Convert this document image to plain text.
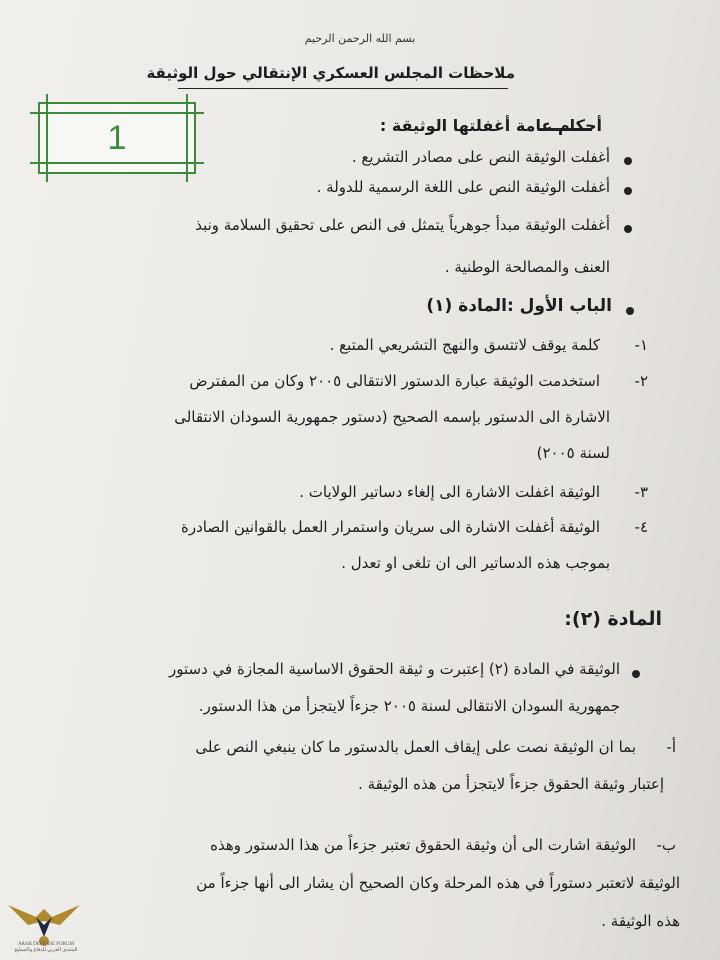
بسم الله الرحمن الرحيم
ملاحظات المجلس العسكري الإنتقالي حول الوثيقة
1	أحكام عامة أغفلتها الوثيقة :
أغفلت الوثيقة النص على مصادر التشريع .
أغفلت الوثيقة النص على اللغة الرسمية للدولة .
أغفلت الوثيقة مبدأ جوهرياً يتمثل فى النص على تحقيق السلامة ونبذ
العنف والمصالحة الوطنية .
الباب الأول :المادة (١)
١-
كلمة يوقف لاتتسق والنهج التشريعي المتبع .
٢-
استخدمت الوثيقة عبارة الدستور الانتقالى ٢٠٠٥ وكان من المفترض
الاشارة الى الدستور بإسمه الصحيح (دستور جمهورية السودان الانتقالى
لسنة ٢٠٠٥)
٣-
الوثيقة اغفلت الاشارة الى إلغاء دساتير الولايات .
٤-
الوثيقة أغفلت الاشارة الى سريان واستمرار العمل بالقوانين الصادرة
بموجب هذه الدساتير الى ان تلغى او تعدل .
المادة (٢):
الوثيقة في المادة (٢) إعتبرت و ثيقة الحقوق الاساسية المجازة في دستور
جمهورية السودان الانتقالى لسنة ٢٠٠٥ جزءاً لايتجزأ من هذا الدستور.
أ-
بما ان الوثيقة نصت على إيقاف العمل بالدستور ما كان ينبغي النص على
إعتبار وثيقة الحقوق جزءاً لايتجزأ من هذه الوثيقة .
ب-
الوثيقة اشارت الى أن وثيقة الحقوق تعتبر جزءاً من هذا الدستور وهذه
الوثيقة لاتعتبر دستوراً في هذه المرحلة وكان الصحيح أن يشار الى أنها جزءاً من
هذه الوثيقة .
ARAB DEFENSE FORUM
المنتدى العربي للدفاع والتسليح
